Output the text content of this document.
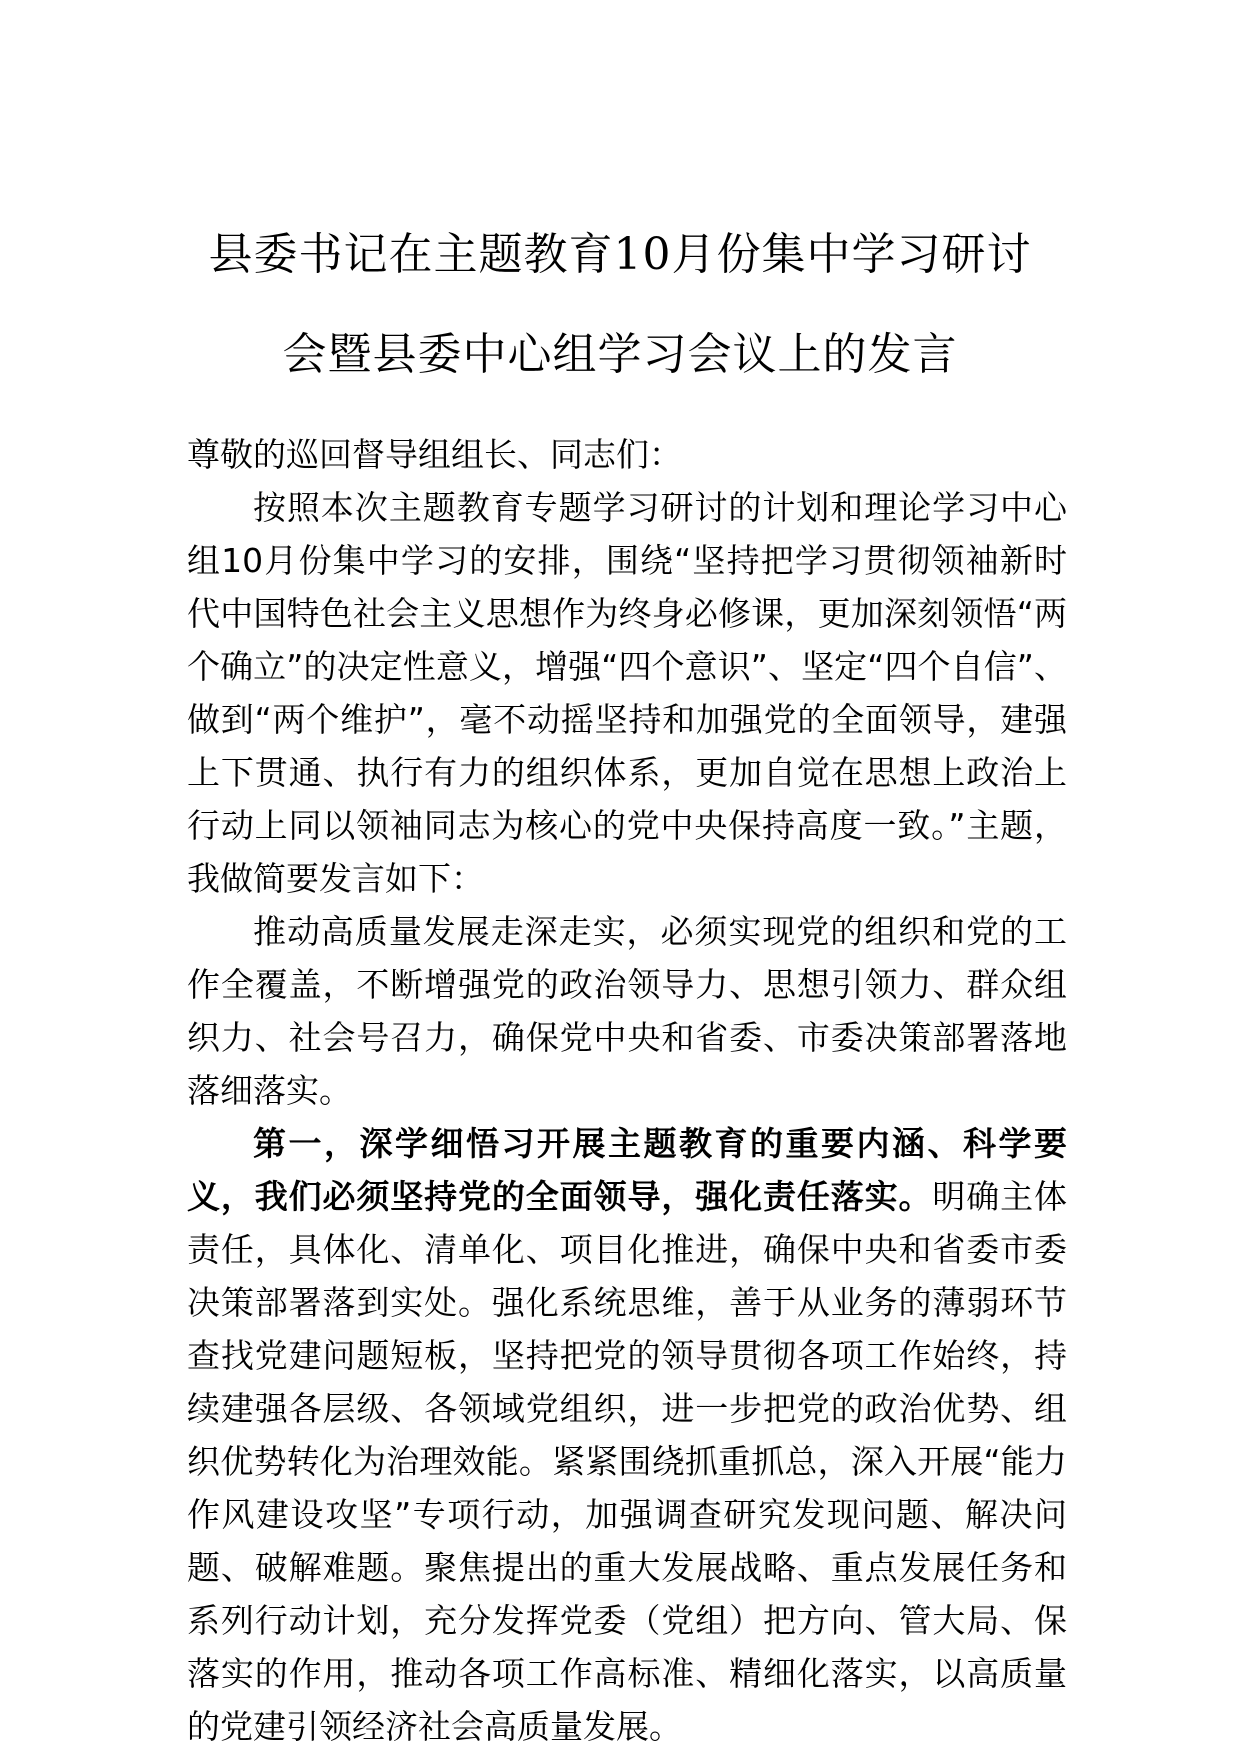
县委书记在主题教育10月份集中学习研讨
会暨县委中心组学习会议上的发言

尊敬的巡回督导组组长、同志们：

按照本次主题教育专题学习研讨的计划和理论学习中心组10月份集中学习的安排，围绕“坚持把学习贯彻领袖新时代中国特色社会主义思想作为终身必修课，更加深刻领悟“两个确立”的决定性意义，增强“四个意识”、坚定“四个自信”、做到“两个维护”，毫不动摇坚持和加强党的全面领导，建强上下贯通、执行有力的组织体系，更加自觉在思想上政治上行动上同以领袖同志为核心的党中央保持高度一致。”主题，我做简要发言如下：

推动高质量发展走深走实，必须实现党的组织和党的工作全覆盖，不断增强党的政治领导力、思想引领力、群众组织力、社会号召力，确保党中央和省委、市委决策部署落地落细落实。

第一，深学细悟习开展主题教育的重要内涵、科学要义，我们必须坚持党的全面领导，强化责任落实。明确主体责任，具体化、清单化、项目化推进，确保中央和省委市委决策部署落到实处。强化系统思维，善于从业务的薄弱环节查找党建问题短板，坚持把党的领导贯彻各项工作始终，持续建强各层级、各领域党组织，进一步把党的政治优势、组织优势转化为治理效能。紧紧围绕抓重抓总，深入开展“能力作风建设攻坚”专项行动，加强调查研究发现问题、解决问题、破解难题。聚焦提出的重大发展战略、重点发展任务和系列行动计划，充分发挥党委（党组）把方向、管大局、保落实的作用，推动各项工作高标准、精细化落实，以高质量的党建引领经济社会高质量发展。
